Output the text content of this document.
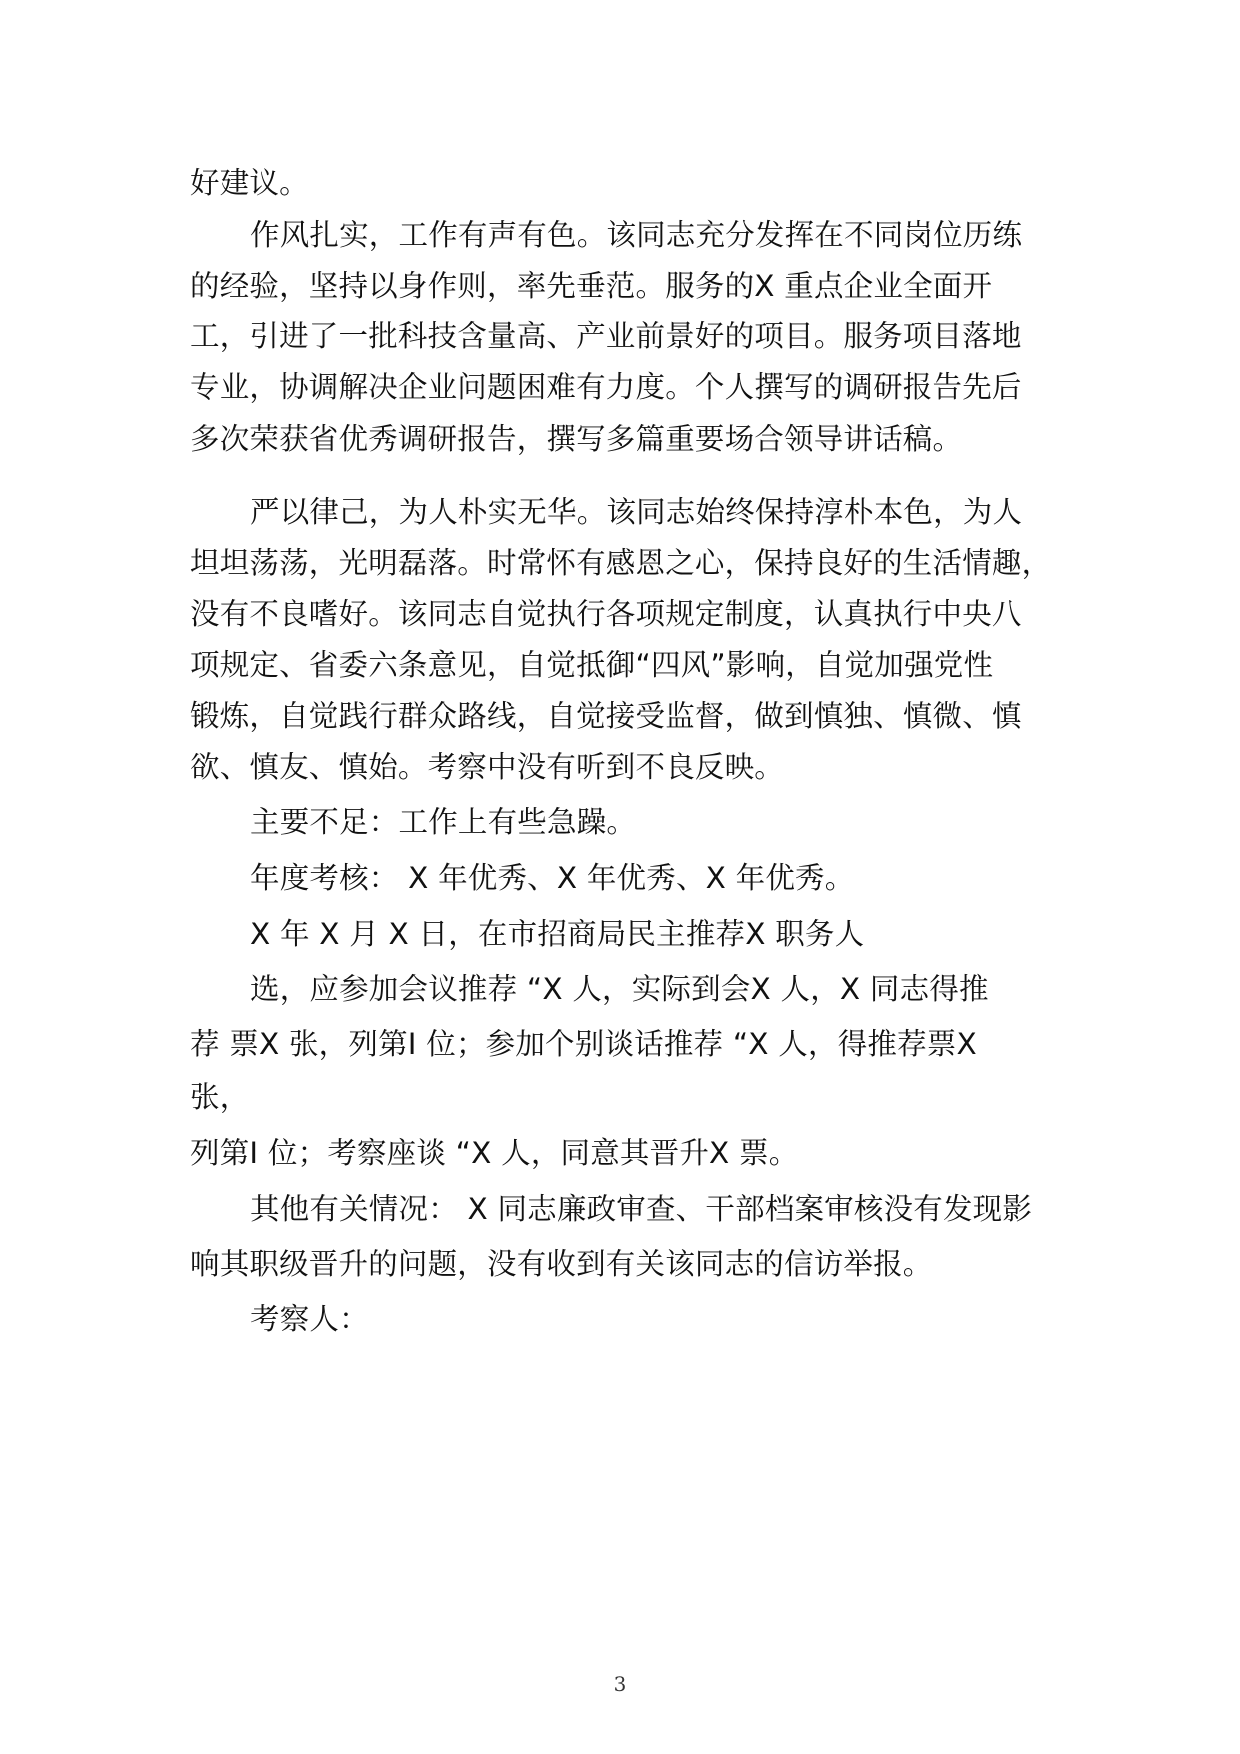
好建议。
作风扎实，工作有声有色。该同志充分发挥在不同岗位历练
的经验，坚持以身作则，率先垂范。服务的X 重点企业全面开
工，引进了一批科技含量高、产业前景好的项目。服务项目落地
专业，协调解决企业问题困难有力度。个人撰写的调研报告先后
多次荣获省优秀调研报告，撰写多篇重要场合领导讲话稿。
严以律己，为人朴实无华。该同志始终保持淳朴本色，为人
坦坦荡荡，光明磊落。时常怀有感恩之心，保持良好的生活情趣，
没有不良嗜好。该同志自觉执行各项规定制度，认真执行中央八
项规定、省委六条意见，自觉抵御“四风”影响，自觉加强党性
锻炼，自觉践行群众路线，自觉接受监督，做到慎独、慎微、慎
欲、慎友、慎始。考察中没有听到不良反映。
主要不足：工作上有些急躁。
年度考核： X 年优秀、X 年优秀、X 年优秀。
X 年 X 月 X 日，在市招商局民主推荐X 职务人
选，应参加会议推荐 “X 人，实际到会X 人，X 同志得推
荐 票X 张，列第I 位；参加个别谈话推荐 “X 人，得推荐票X
张，
列第I 位；考察座谈 “X 人，同意其晋升X 票。
其他有关情况： X 同志廉政审查、干部档案审核没有发现影
响其职级晋升的问题，没有收到有关该同志的信访举报。
考察人：
3
